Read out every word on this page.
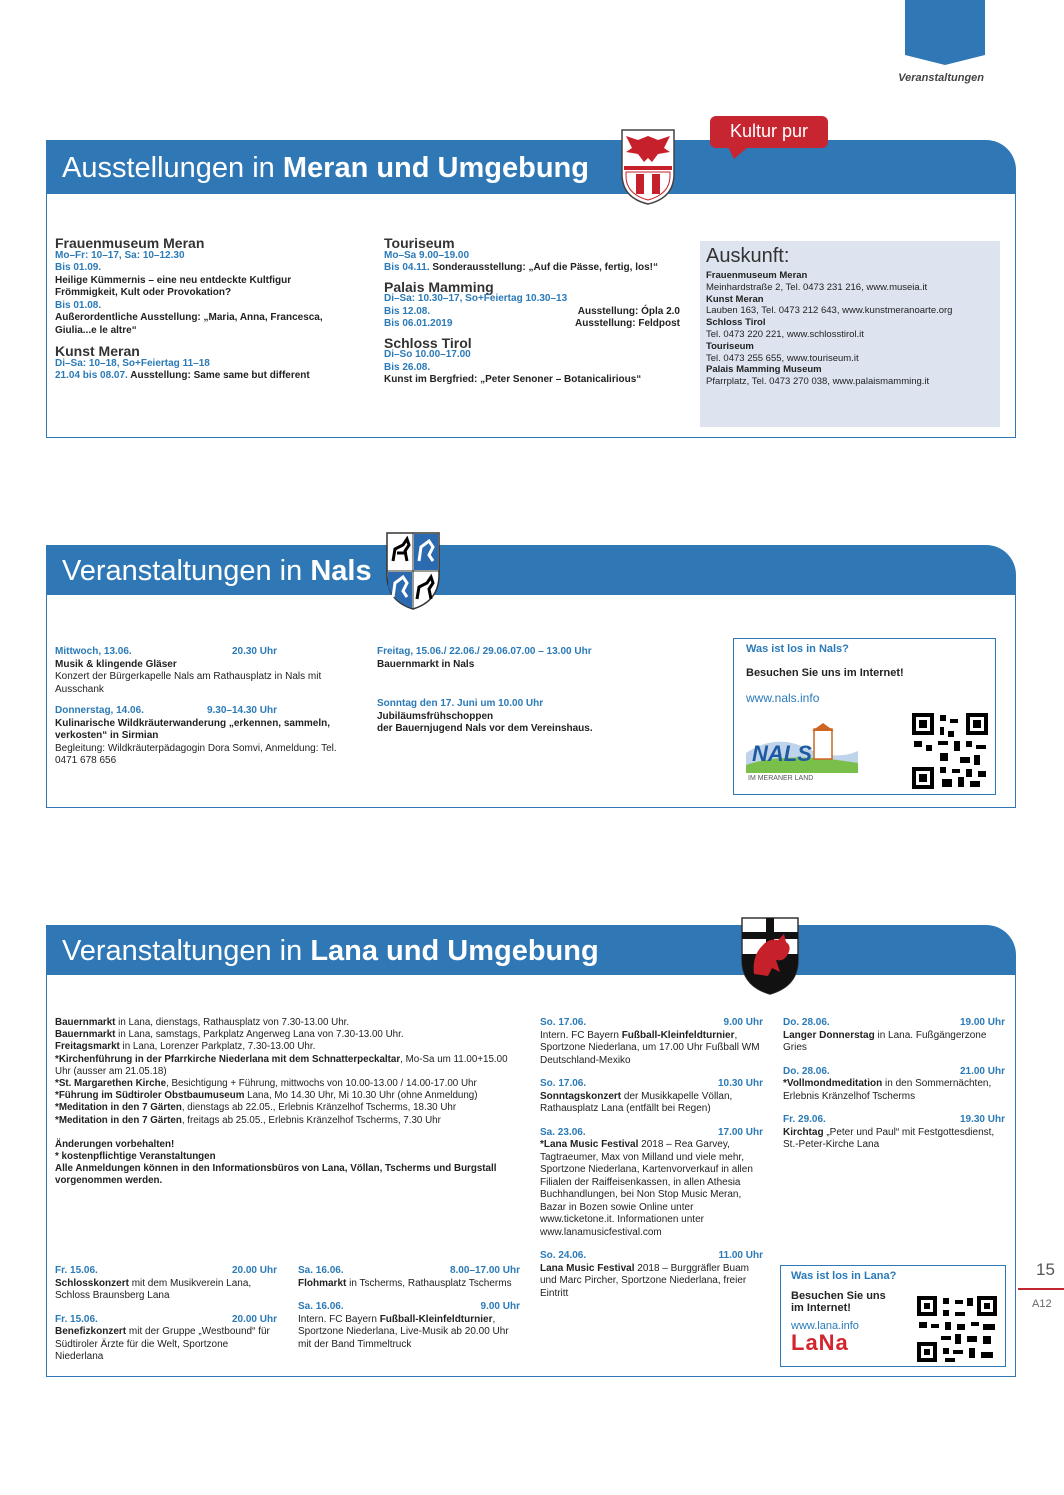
Veranstaltungen
Ausstellungen in Meran und Umgebung
Kultur pur
Frauenmuseum Meran
Mo–Fr: 10–17, Sa: 10–12.30
Bis 01.09.
Heilige Kümmernis – eine neu entdeckte Kultfigur Frömmigkeit, Kult oder Provokation?
Bis 01.08.
Außerordentliche Ausstellung: „Maria, Anna, Francesca, Giulia...e le altre“
Kunst Meran
Di–Sa: 10–18, So+Feiertag 11–18
21.04 bis 08.07. Ausstellung: Same same but different
Touriseum
Mo–Sa 9.00–19.00
Bis 04.11. Sonderausstellung: „Auf die Pässe, fertig, los!“
Palais Mamming
Di–Sa: 10.30–17, So+Feiertag 10.30–13
Bis 12.08.	Ausstellung: Ópla 2.0
Bis 06.01.2019	Ausstellung: Feldpost
Schloss Tirol
Di–So 10.00–17.00
Bis 26.08.
Kunst im Bergfried: „Peter Senoner – Botanicalirious“
Auskunft:
Frauenmuseum Meran
Meinhardstraße 2, Tel. 0473 231 216, www.museia.it
Kunst Meran
Lauben 163, Tel. 0473 212 643, www.kunstmeranoarte.org
Schloss Tirol
Tel. 0473 220 221, www.schlosstirol.it
Touriseum
Tel. 0473 255 655, www.touriseum.it
Palais Mamming Museum
Pfarrplatz, Tel. 0473 270 038, www.palaismamming.it
Veranstaltungen in Nals
Mittwoch, 13.06.	20.30 Uhr
Musik & klingende Gläser
Konzert der Bürgerkapelle Nals am Rathausplatz in Nals mit Ausschank
Donnerstag, 14.06.	9.30–14.30 Uhr
Kulinarische Wildkräuterwanderung „erkennen, sammeln, verkosten“ in Sirmian
Begleitung: Wildkräuterpädagogin Dora Somvi, Anmeldung: Tel. 0471 678 656
Freitag, 15.06./ 22.06./ 29.06.07.00 – 13.00 Uhr
Bauernmarkt in Nals
Sonntag den 17. Juni um 10.00 Uhr
Jubiläumsfrühschoppen
der Bauernjugend Nals vor dem Vereinshaus.
Was ist los in Nals?
Besuchen Sie uns im Internet!
www.nals.info
NALS
IM MERANER LAND
Veranstaltungen in Lana und Umgebung
Bauernmarkt in Lana, dienstags, Rathausplatz von 7.30-13.00 Uhr.
Bauernmarkt in Lana, samstags, Parkplatz Angerweg Lana von 7.30-13.00 Uhr.
Freitagsmarkt in Lana, Lorenzer Parkplatz, 7.30-13.00 Uhr.
*Kirchenführung in der Pfarrkirche Niederlana mit dem Schnatterpeckaltar, Mo-Sa um 11.00+15.00 Uhr (ausser am 21.05.18)
*St. Margarethen Kirche, Besichtigung + Führung, mittwochs von 10.00-13.00 / 14.00-17.00 Uhr
*Führung im Südtiroler Obstbaumuseum Lana, Mo 14.30 Uhr, Mi 10.30 Uhr (ohne Anmeldung)
*Meditation in den 7 Gärten, dienstags ab 22.05., Erlebnis Kränzelhof Tscherms, 18.30 Uhr
*Meditation in den 7 Gärten, freitags ab 25.05., Erlebnis Kränzelhof Tscherms, 7.30 Uhr
Änderungen vorbehalten!
* kostenpflichtige Veranstaltungen
Alle Anmeldungen können in den Informationsbüros von Lana, Völlan, Tscherms und Burgstall vorgenommen werden.
Fr. 15.06.	20.00 Uhr
Schlosskonzert mit dem Musikverein Lana, Schloss Braunsberg Lana
Fr. 15.06.	20.00 Uhr
Benefizkonzert mit der Gruppe „Westbound“ für Südtiroler Ärzte für die Welt, Sportzone Niederlana
Sa. 16.06.	8.00–17.00 Uhr
Flohmarkt in Tscherms, Rathausplatz Tscherms
Sa. 16.06.	9.00 Uhr
Intern. FC Bayern Fußball-Kleinfeldturnier, Sportzone Niederlana, Live-Musik ab 20.00 Uhr mit der Band Timmeltruck
So. 17.06.	9.00 Uhr
Intern. FC Bayern Fußball-Kleinfeldturnier, Sportzone Niederlana, um 17.00 Uhr Fußball WM Deutschland-Mexiko
So. 17.06.	10.30 Uhr
Sonntagskonzert der Musikkapelle Völlan, Rathausplatz Lana (entfällt bei Regen)
Sa. 23.06.	17.00 Uhr
*Lana Music Festival 2018 – Rea Garvey, Tagtraeumer, Max von Milland und viele mehr, Sportzone Niederlana, Kartenvorverkauf in allen Filialen der Raiffeisenkassen, in allen Athesia Buchhandlungen, bei Non Stop Music Meran, Bazar in Bozen sowie Online unter www.ticketone.it. Informationen unter www.lanamusicfestival.com
So. 24.06.	11.00 Uhr
Lana Music Festival 2018 – Burggräfler Buam und Marc Pircher, Sportzone Niederlana, freier Eintritt
Do. 28.06.	19.00 Uhr
Langer Donnerstag in Lana. Fußgängerzone Gries
Do. 28.06.	21.00 Uhr
*Vollmondmeditation in den Sommernächten, Erlebnis Kränzelhof Tscherms
Fr. 29.06.	19.30 Uhr
Kirchtag „Peter und Paul“ mit Festgottesdienst, St.-Peter-Kirche Lana
Was ist los in Lana?
Besuchen Sie uns im Internet!
www.lana.info
LaNa
15
A12
